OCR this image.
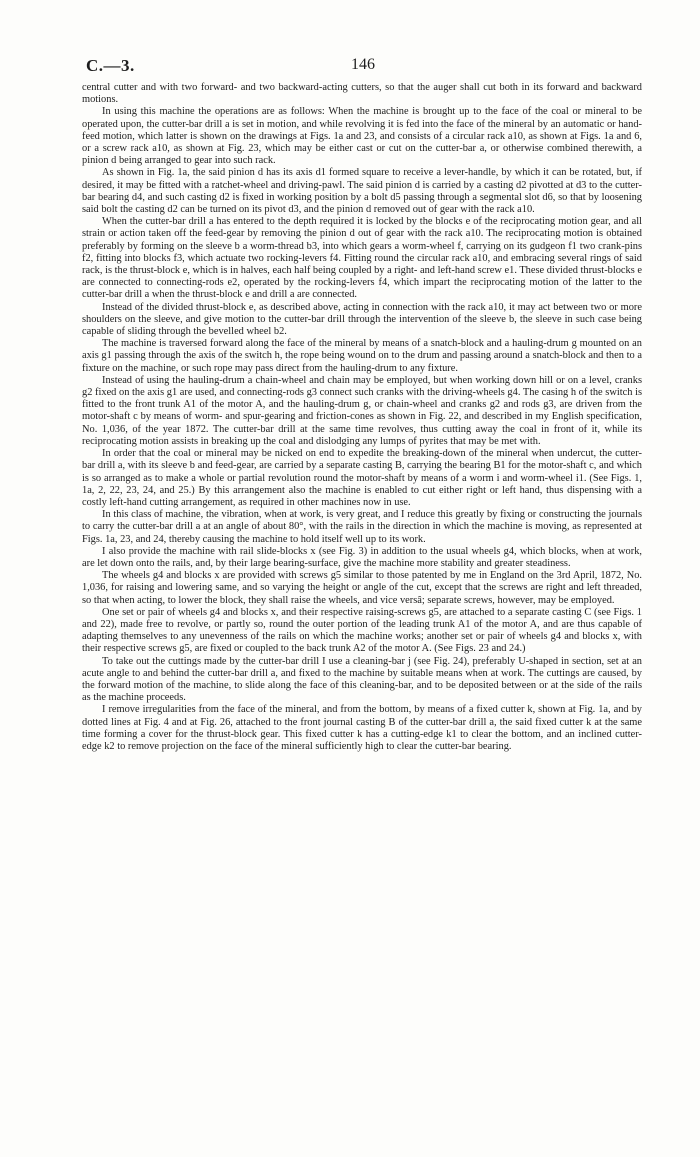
C.—3.	146

central cutter and with two forward- and two backward-acting cutters, so that the auger shall cut both in its forward and backward motions.

In using this machine the operations are as follows: When the machine is brought up to the face of the coal or mineral to be operated upon, the cutter-bar drill a is set in motion, and while revolving it is fed into the face of the mineral by an automatic or hand-feed motion, which latter is shown on the drawings at Figs. 1a and 23, and consists of a circular rack a10, as shown at Figs. 1a and 6, or a screw rack a10, as shown at Fig. 23, which may be either cast or cut on the cutter-bar a, or otherwise combined therewith, a pinion d being arranged to gear into such rack.

As shown in Fig. 1a, the said pinion d has its axis d1 formed square to receive a lever-handle, by which it can be rotated, but, if desired, it may be fitted with a ratchet-wheel and driving-pawl. The said pinion d is carried by a casting d2 pivotted at d3 to the cutter-bar bearing d4, and such casting d2 is fixed in working position by a bolt d5 passing through a segmental slot d6, so that by loosening said bolt the casting d2 can be turned on its pivot d3, and the pinion d removed out of gear with the rack a10.

When the cutter-bar drill a has entered to the depth required it is locked by the blocks e of the reciprocating motion gear, and all strain or action taken off the feed-gear by removing the pinion d out of gear with the rack a10. The reciprocating motion is obtained preferably by forming on the sleeve b a worm-thread b3, into which gears a worm-wheel f, carrying on its gudgeon f1 two crank-pins f2, fitting into blocks f3, which actuate two rocking-levers f4. Fitting round the circular rack a10, and embracing several rings of said rack, is the thrust-block e, which is in halves, each half being coupled by a right- and left-hand screw e1. These divided thrust-blocks e are connected to connecting-rods e2, operated by the rocking-levers f4, which impart the reciprocating motion of the latter to the cutter-bar drill a when the thrust-block e and drill a are connected.

Instead of the divided thrust-block e, as described above, acting in connection with the rack a10, it may act between two or more shoulders on the sleeve, and give motion to the cutter-bar drill through the intervention of the sleeve b, the sleeve in such case being capable of sliding through the bevelled wheel b2.

The machine is traversed forward along the face of the mineral by means of a snatch-block and a hauling-drum g mounted on an axis g1 passing through the axis of the switch h, the rope being wound on to the drum and passing around a snatch-block and then to a fixture on the machine, or such rope may pass direct from the hauling-drum to any fixture.

Instead of using the hauling-drum a chain-wheel and chain may be employed, but when working down hill or on a level, cranks g2 fixed on the axis g1 are used, and connecting-rods g3 connect such cranks with the driving-wheels g4. The casing h of the switch is fitted to the front trunk A1 of the motor A, and the hauling-drum g, or chain-wheel and cranks g2 and rods g3, are driven from the motor-shaft c by means of worm- and spur-gearing and friction-cones as shown in Fig. 22, and described in my English specification, No. 1,036, of the year 1872. The cutter-bar drill at the same time revolves, thus cutting away the coal in front of it, while its reciprocating motion assists in breaking up the coal and dislodging any lumps of pyrites that may be met with.

In order that the coal or mineral may be nicked on end to expedite the breaking-down of the mineral when undercut, the cutter-bar drill a, with its sleeve b and feed-gear, are carried by a separate casting B, carrying the bearing B1 for the motor-shaft c, and which is so arranged as to make a whole or partial revolution round the motor-shaft by means of a worm i and worm-wheel i1. (See Figs. 1, 1a, 2, 22, 23, 24, and 25.) By this arrangement also the machine is enabled to cut either right or left hand, thus dispensing with a costly left-hand cutting arrangement, as required in other machines now in use.

In this class of machine, the vibration, when at work, is very great, and I reduce this greatly by fixing or constructing the journals to carry the cutter-bar drill a at an angle of about 80°, with the rails in the direction in which the machine is moving, as represented at Figs. 1a, 23, and 24, thereby causing the machine to hold itself well up to its work.

I also provide the machine with rail slide-blocks x (see Fig. 3) in addition to the usual wheels g4, which blocks, when at work, are let down onto the rails, and, by their large bearing-surface, give the machine more stability and greater steadiness.

The wheels g4 and blocks x are provided with screws g5 similar to those patented by me in England on the 3rd April, 1872, No. 1,036, for raising and lowering same, and so varying the height or angle of the cut, except that the screws are right and left threaded, so that when acting, to lower the block, they shall raise the wheels, and vice versâ; separate screws, however, may be employed.

One set or pair of wheels g4 and blocks x, and their respective raising-screws g5, are attached to a separate casting C (see Figs. 1 and 22), made free to revolve, or partly so, round the outer portion of the leading trunk A1 of the motor A, and are thus capable of adapting themselves to any unevenness of the rails on which the machine works; another set or pair of wheels g4 and blocks x, with their respective screws g5, are fixed or coupled to the back trunk A2 of the motor A. (See Figs. 23 and 24.)

To take out the cuttings made by the cutter-bar drill I use a cleaning-bar j (see Fig. 24), preferably U-shaped in section, set at an acute angle to and behind the cutter-bar drill a, and fixed to the machine by suitable means when at work. The cuttings are caused, by the forward motion of the machine, to slide along the face of this cleaning-bar, and to be deposited between or at the side of the rails as the machine proceeds.

I remove irregularities from the face of the mineral, and from the bottom, by means of a fixed cutter k, shown at Fig. 1a, and by dotted lines at Fig. 4 and at Fig. 26, attached to the front journal casting B of the cutter-bar drill a, the said fixed cutter k at the same time forming a cover for the thrust-block gear. This fixed cutter k has a cutting-edge k1 to clear the bottom, and an inclined cutter-edge k2 to remove projection on the face of the mineral sufficiently high to clear the cutter-bar bearing.
